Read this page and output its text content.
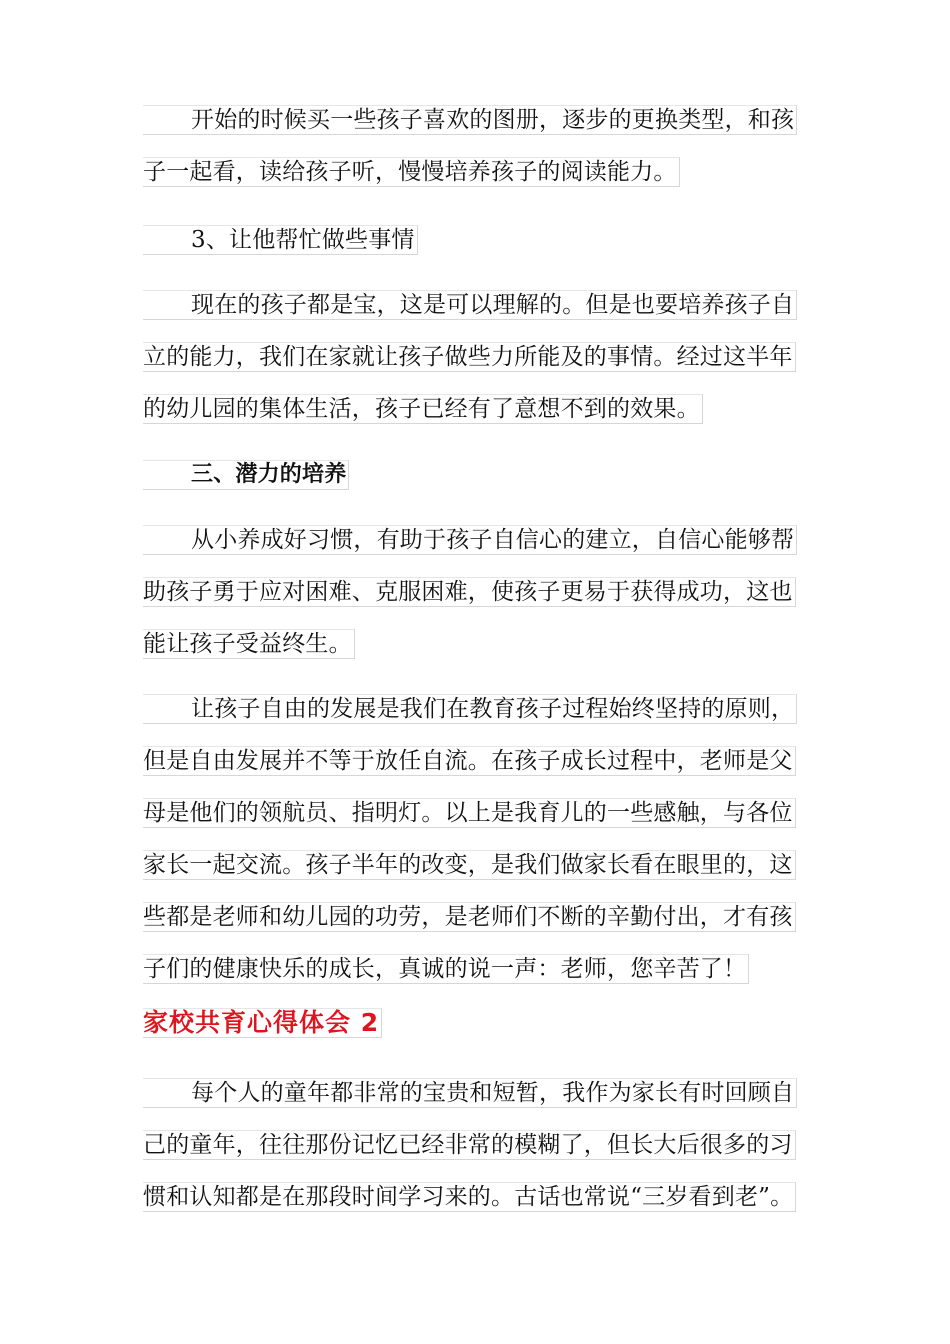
开始的时候买一些孩子喜欢的图册，逐步的更换类型，和孩
子一起看，读给孩子听，慢慢培养孩子的阅读能力。
3、让他帮忙做些事情
现在的孩子都是宝，这是可以理解的。但是也要培养孩子自
立的能力，我们在家就让孩子做些力所能及的事情。经过这半年
的幼儿园的集体生活，孩子已经有了意想不到的效果。
三、潜力的培养
从小养成好习惯，有助于孩子自信心的建立，自信心能够帮
助孩子勇于应对困难、克服困难，使孩子更易于获得成功，这也
能让孩子受益终生。
让孩子自由的发展是我们在教育孩子过程始终坚持的原则，
但是自由发展并不等于放任自流。在孩子成长过程中，老师是父
母是他们的领航员、指明灯。以上是我育儿的一些感触，与各位
家长一起交流。孩子半年的改变，是我们做家长看在眼里的，这
些都是老师和幼儿园的功劳，是老师们不断的辛勤付出，才有孩
子们的健康快乐的成长，真诚的说一声：老师，您辛苦了！
家校共育心得体会 2
每个人的童年都非常的宝贵和短暂，我作为家长有时回顾自
己的童年，往往那份记忆已经非常的模糊了，但长大后很多的习
惯和认知都是在那段时间学习来的。古话也常说“三岁看到老”。
